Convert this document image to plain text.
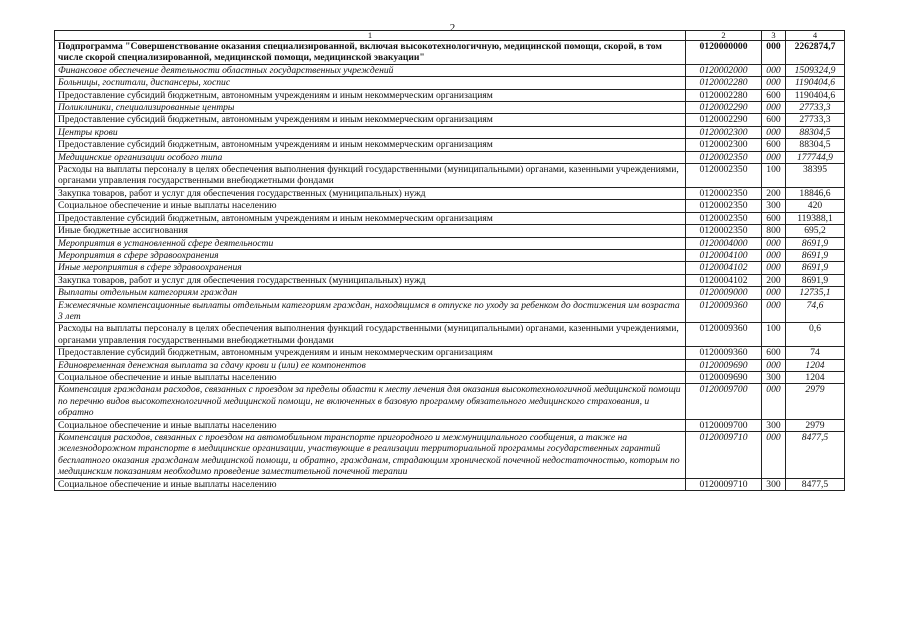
2
1	2	3	4
Подпрограмма "Совершенствование оказания специализированной, включая высокотехнологичную, медицинской помощи, скорой, в том числе скорой специализированной, медицинской помощи, медицинской эвакуации"	0120000000	000	2262874,7
Финансовое обеспечение деятельности областных государственных учреждений	0120002000	000	1509324,9
Больницы, госпитали, диспансеры, хоспис	0120002280	000	1190404,6
Предоставление субсидий бюджетным, автономным учреждениям и иным некоммерческим организациям	0120002280	600	1190404,6
Поликлиники, специализированные центры	0120002290	000	27733,3
Предоставление субсидий бюджетным, автономным учреждениям и иным некоммерческим организациям	0120002290	600	27733,3
Центры крови	0120002300	000	88304,5
Предоставление субсидий бюджетным, автономным учреждениям и иным некоммерческим организациям	0120002300	600	88304,5
Медицинские организации особого типа	0120002350	000	177744,9
Расходы на выплаты персоналу в целях обеспечения выполнения функций государственными (муниципальными) органами, казенными учреждениями, органами управления государственными внебюджетными фондами	0120002350	100	38395
Закупка товаров, работ и услуг для обеспечения государственных (муниципальных) нужд	0120002350	200	18846,6
Социальное обеспечение и иные выплаты населению	0120002350	300	420
Предоставление субсидий бюджетным, автономным учреждениям и иным некоммерческим организациям	0120002350	600	119388,1
Иные бюджетные ассигнования	0120002350	800	695,2
Мероприятия в установленной сфере деятельности	0120004000	000	8691,9
Мероприятия в сфере здравоохранения	0120004100	000	8691,9
Иные мероприятия в сфере здравоохранения	0120004102	000	8691,9
Закупка товаров, работ и услуг для обеспечения государственных (муниципальных) нужд	0120004102	200	8691,9
Выплаты отдельным категориям граждан	0120009000	000	12735,1
Ежемесячные компенсационные выплаты отдельным категориям граждан, находящимся в отпуске по уходу за ребенком до достижения им возраста 3 лет	0120009360	000	74,6
Расходы на выплаты персоналу в целях обеспечения выполнения функций государственными (муниципальными) органами, казенными учреждениями, органами управления государственными внебюджетными фондами	0120009360	100	0,6
Предоставление субсидий бюджетным, автономным учреждениям и иным некоммерческим организациям	0120009360	600	74
Единовременная денежная выплата за сдачу крови и (или) ее компонентов	0120009690	000	1204
Социальное обеспечение и иные выплаты населению	0120009690	300	1204
Компенсация гражданам расходов, связанных с проездом за пределы области к месту лечения для оказания высокотехнологичной медицинской помощи по перечню видов высокотехнологичной медицинской помощи, не включенных в базовую программу обязательного медицинского страхования, и обратно	0120009700	000	2979
Социальное обеспечение и иные выплаты населению	0120009700	300	2979
Компенсация расходов, связанных с проездом на автомобильном транспорте пригородного и межмуниципального сообщения, а также на железнодорожном транспорте в медицинские организации, участвующие в реализации территориальной программы государственных гарантий бесплатного оказания гражданам медицинской помощи, и обратно, гражданам, страдающим хронической почечной недостаточностью, которым по медицинским показаниям необходимо проведение заместительной почечной терапии	0120009710	000	8477,5
Социальное обеспечение и иные выплаты населению	0120009710	300	8477,5
